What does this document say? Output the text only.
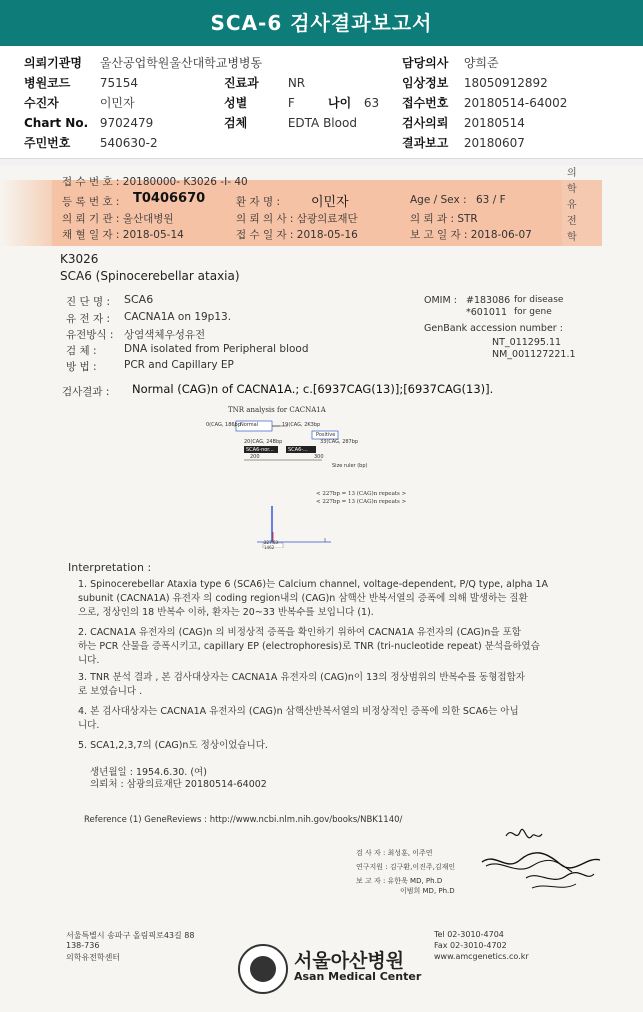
SCA-6 검사결과보고서
의뢰기관명 울산공업학원울산대학교병병동	담당의사 양희준
병원코드 75154	진료과 NR	임상정보 18050912892
수진자	이민자	성별	F	나이 63 접수번호 20180514-64002
Chart No. 9702479	검체	EDTA Blood	검사의뢰 20180514
주민번호 540630-2	결과보고 20180607
접 수 번 호 : 20180000- K3026 -I- 40
등 록 번 호 : T0406670	환 자 명 : 이민자	Age / Sex : 63 / F
의 뢰 기 관 : 울산대병원	의 뢰 의 사 : 삼광의료재단	의 뢰 과 : STR
채 혈 일 자 : 2018-05-14	접 수 일 자 : 2018-05-16	보 고 일 자 : 2018-06-07
의학유전학
K3026
SCA6 (Spinocerebellar ataxia)
진 단 명 : SCA6
유 전 자 : CACNA1A on 19p13.
유전방식 : 상염색체우성유전
검 체 :	DNA isolated from Peripheral blood
방 법 :	PCR and Capillary EP
OMIM : #183086 for disease
*601011 for gene
GenBank accession number :
NT_011295.11
NM_001127221.1
검사결과 : Normal (CAG)n of CACNA1A.; c.[6937CAG(13)];[6937CAG(13)].
TNR analysis for CACNA1A
0(CAG, 186bp Normal	19(CAG, 2K3bp
Positive
20(CAG, 24Bbp	33(CAG, 287bp
SCA6-nor...	SCA6-...
200	300
Size ruler (bp)
< 227bp = 13 (CAG)n repeats >
< 227bp = 13 (CAG)n repeats >
227.63
1462
Interpretation :
1. Spinocerebellar Ataxia type 6 (SCA6)는 Calcium channel, voltage-dependent, P/Q type, alpha 1A
subunit (CACNA1A) 유전자 의 coding region내의 (CAG)n 삼핵산 반복서열의 증폭에 의해 발생하는 질환
으로, 정상인의 18 반복수 이하, 환자는 20~33 반복수를 보입니다 (1).
2. CACNA1A 유전자의 (CAG)n 의 비정상적 증폭을 확인하기 위하여 CACNA1A 유전자의 (CAG)n을 포함
하는 PCR 산물을 증폭시키고, capillary EP (electrophoresis)로 TNR (tri-nucleotide repeat) 분석을하였습
니다.
3. TNR 분석 결과 , 본 검사대상자는 CACNA1A 유전자의 (CAG)n이 13의 정상범위의 반복수를 동형접합자
로 보였습니다 .
4. 본 검사대상자는 CACNA1A 유전자의 (CAG)n 삼핵산반복서열의 비정상적인 증폭에 의한 SCA6는 아닙
니다.
5. SCA1,2,3,7의 (CAG)n도 정상이었습니다.
생년월일 : 1954.6.30. (여)
의뢰처 : 삼광의료재단 20180514-64002
Reference (1) GeneReviews : http://www.ncbi.nlm.nih.gov/books/NBK1140/
검 사 자 : 최성훈, 이주연
연구지원 : 김구환,이진주,김재인
보 고 자 : 유한욱 MD, Ph.D
이범희 MD, Ph.D
서울특별시 송파구 올림픽로43길 88
138-736
의학유전학센터	서울아산병원
Asan Medical Center
Tel 02-3010-4704
Fax 02-3010-4702
www.amcgenetics.co.kr
